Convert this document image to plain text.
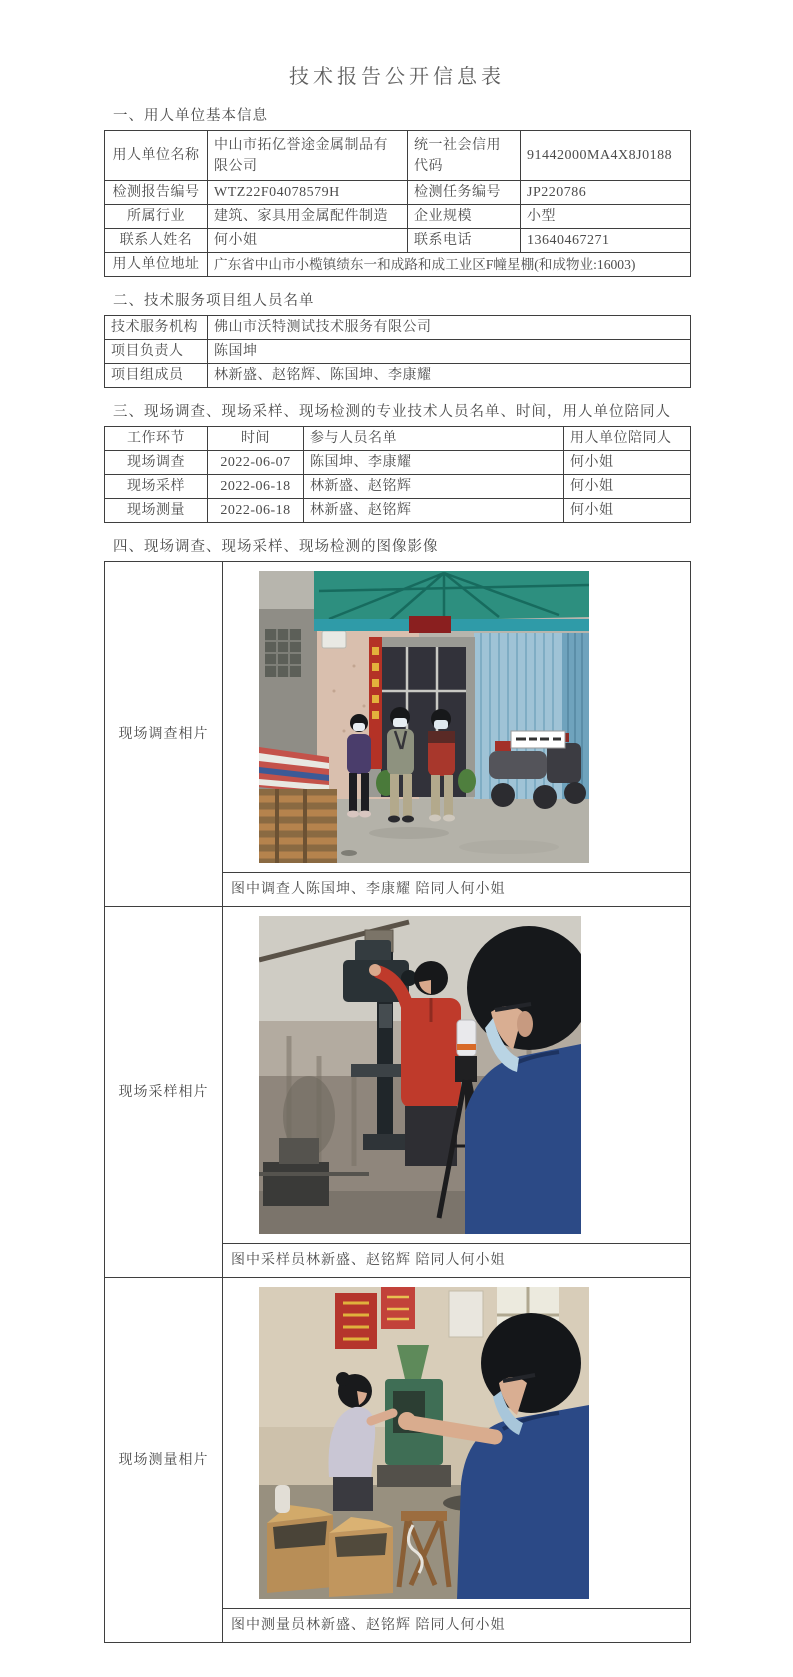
技术报告公开信息表
一、用人单位基本信息
用人单位名称	中山市拓亿誉途金属制品有限公司	统一社会信用代码	91442000MA4X8J0188
检测报告编号	WTZ22F04078579H	检测任务编号	JP220786
所属行业	建筑、家具用金属配件制造	企业规模	小型
联系人姓名	何小姐	联系电话	13640467271
用人单位地址	广东省中山市小榄镇绩东一和成路和成工业区F幢星棚(和成物业:16003)		
二、技术服务项目组人员名单
技术服务机构	佛山市沃特测试技术服务有限公司
项目负责人	陈国坤
项目组成员	林新盛、赵铭辉、陈国坤、李康耀
三、现场调查、现场采样、现场检测的专业技术人员名单、时间，用人单位陪同人
工作环节	时间	参与人员名单	用人单位陪同人
现场调查	2022-06-07	陈国坤、李康耀	何小姐
现场采样	2022-06-18	林新盛、赵铭辉	何小姐
现场测量	2022-06-18	林新盛、赵铭辉	何小姐
四、现场调查、现场采样、现场检测的图像影像
现场调查相片	

	图中调查人陈国坤、李康耀 陪同人何小姐
现场采样相片	

	图中采样员林新盛、赵铭辉 陪同人何小姐
现场测量相片	

	图中测量员林新盛、赵铭辉 陪同人何小姐
